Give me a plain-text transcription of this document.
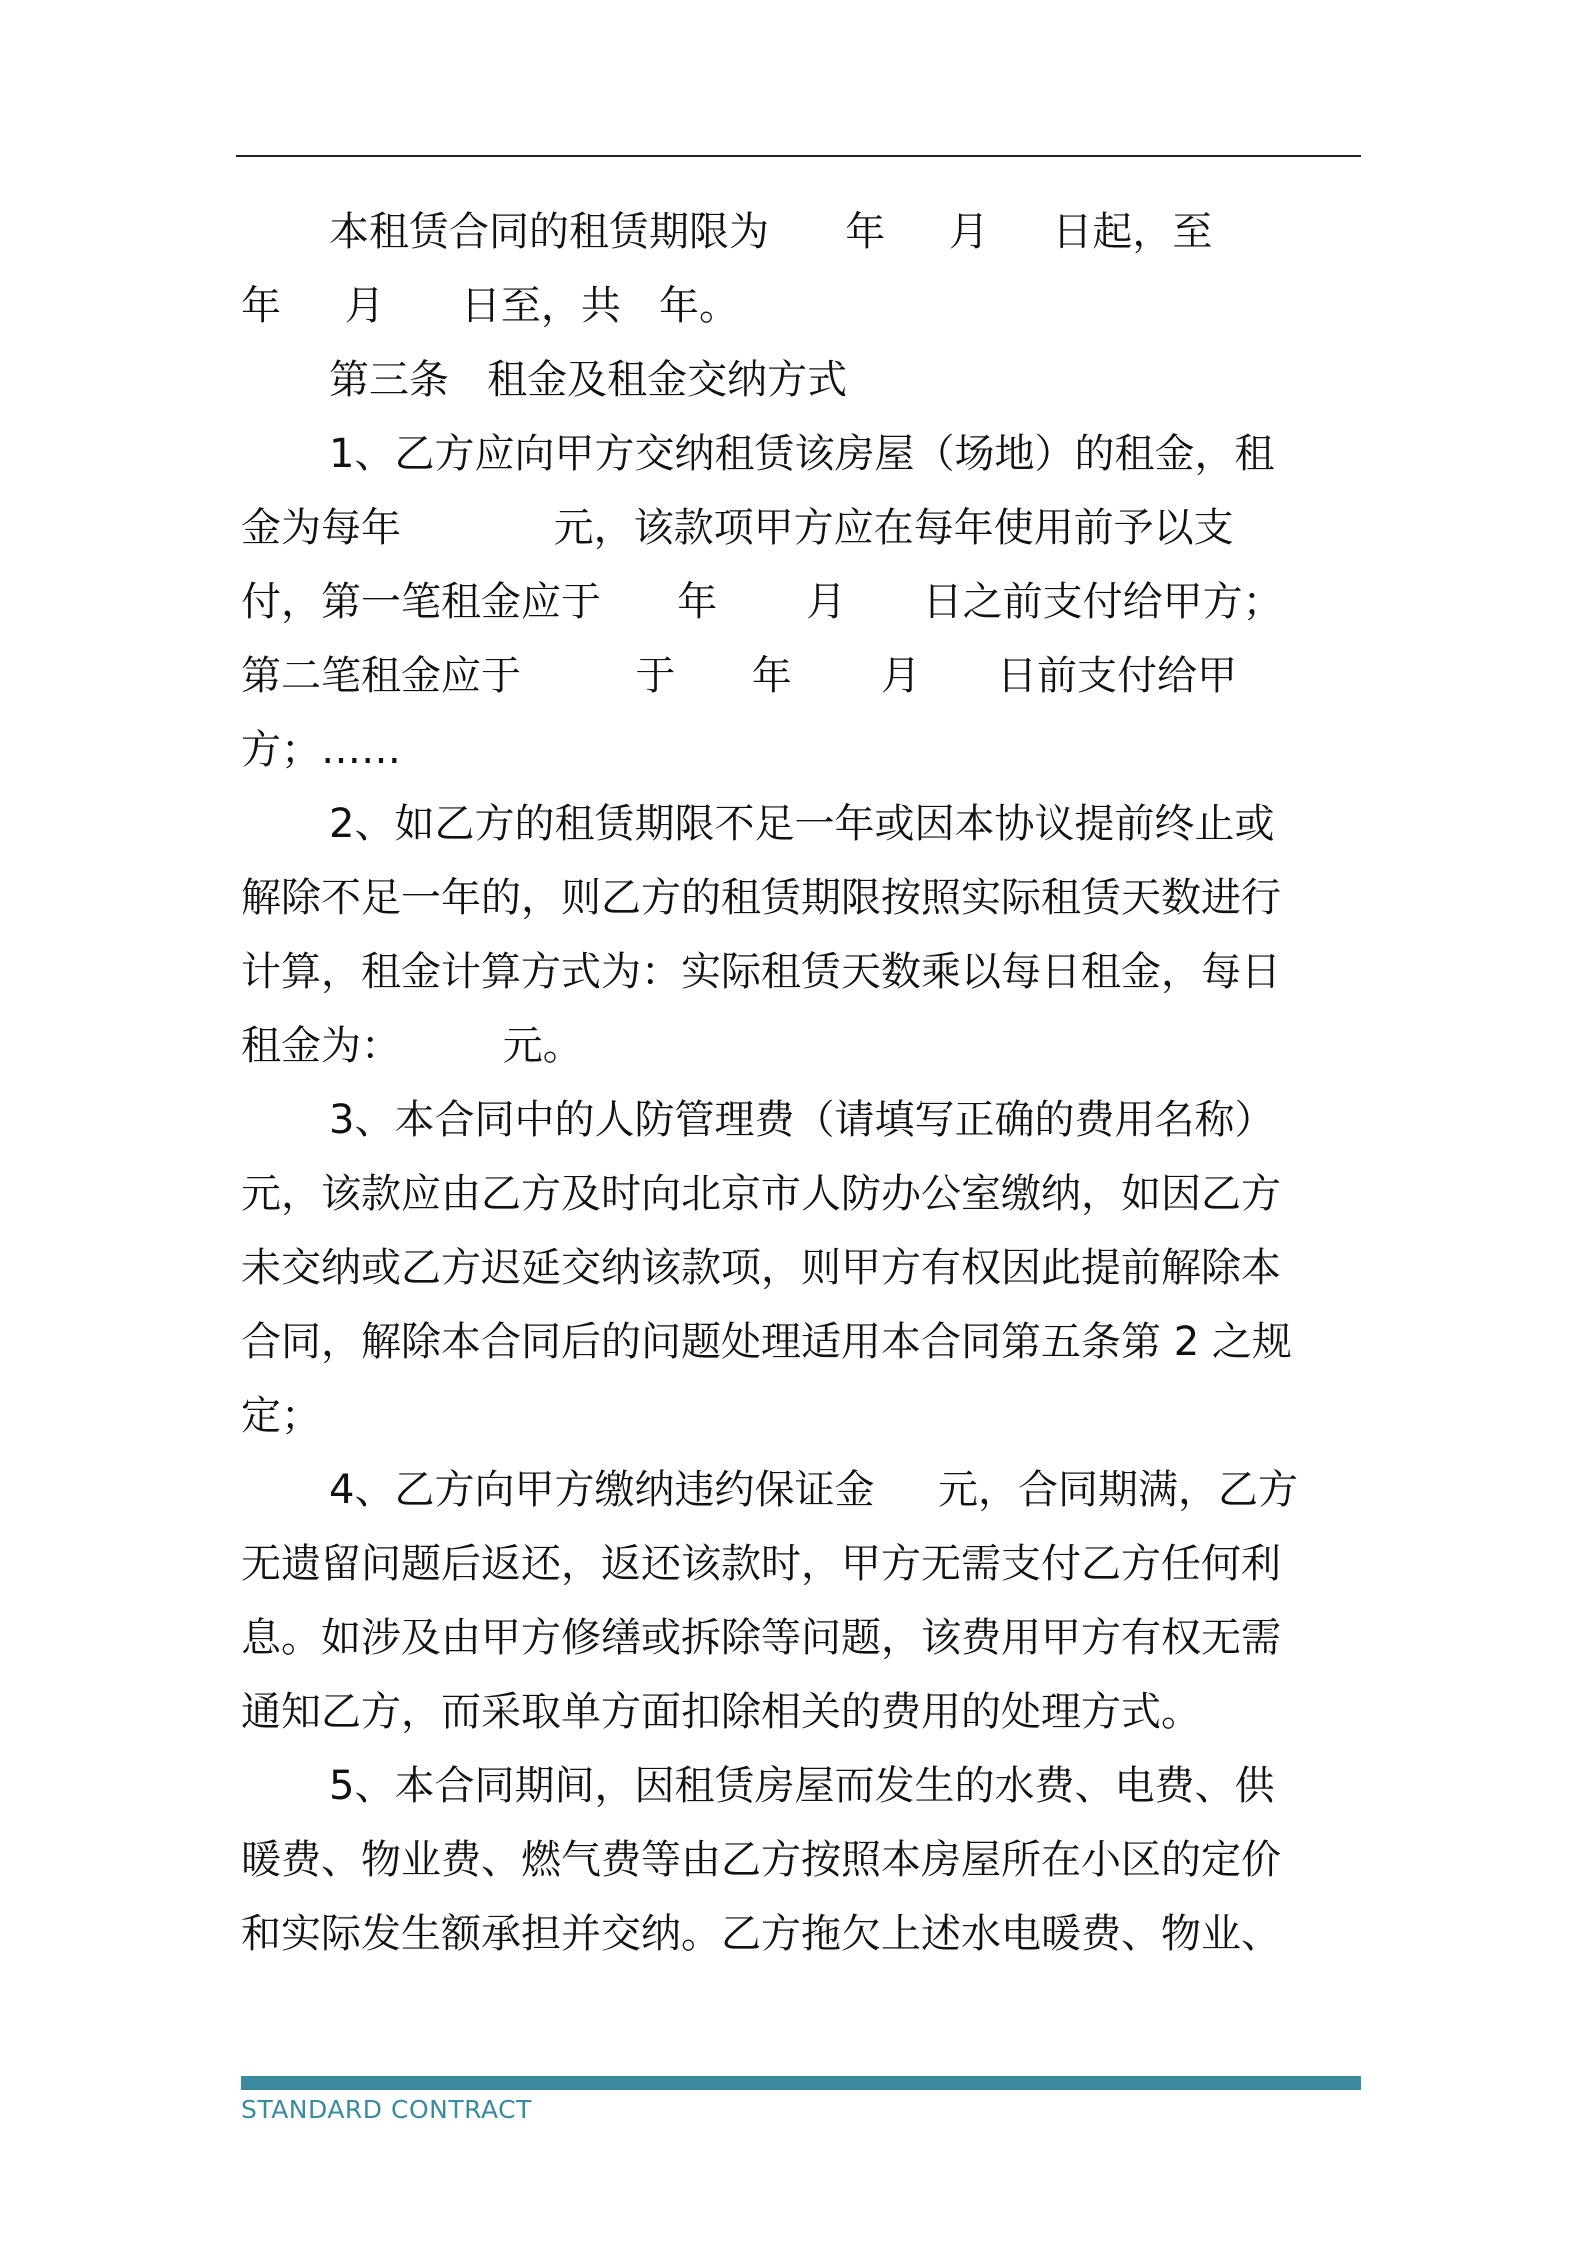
本租赁合同的租赁期限为      年     月     日起，至
年     月      日至，共   年。
第三条   租金及租金交纳方式
1、乙方应向甲方交纳租赁该房屋（场地）的租金，租
金为每年            元，该款项甲方应在每年使用前予以支
付，第一笔租金应于      年       月      日之前支付给甲方；
第二笔租金应于         于      年       月      日前支付给甲
方；……
2、如乙方的租赁期限不足一年或因本协议提前终止或
解除不足一年的，则乙方的租赁期限按照实际租赁天数进行
计算，租金计算方式为：实际租赁天数乘以每日租金，每日
租金为：        元。
3、本合同中的人防管理费（请填写正确的费用名称）
元，该款应由乙方及时向北京市人防办公室缴纳，如因乙方
未交纳或乙方迟延交纳该款项，则甲方有权因此提前解除本
合同，解除本合同后的问题处理适用本合同第五条第 2 之规
定；
4、乙方向甲方缴纳违约保证金     元，合同期满，乙方
无遗留问题后返还，返还该款时，甲方无需支付乙方任何利
息。如涉及由甲方修缮或拆除等问题，该费用甲方有权无需
通知乙方，而采取单方面扣除相关的费用的处理方式。
5、本合同期间，因租赁房屋而发生的水费、电费、供
暖费、物业费、燃气费等由乙方按照本房屋所在小区的定价
和实际发生额承担并交纳。乙方拖欠上述水电暖费、物业、
STANDARD CONTRACT
